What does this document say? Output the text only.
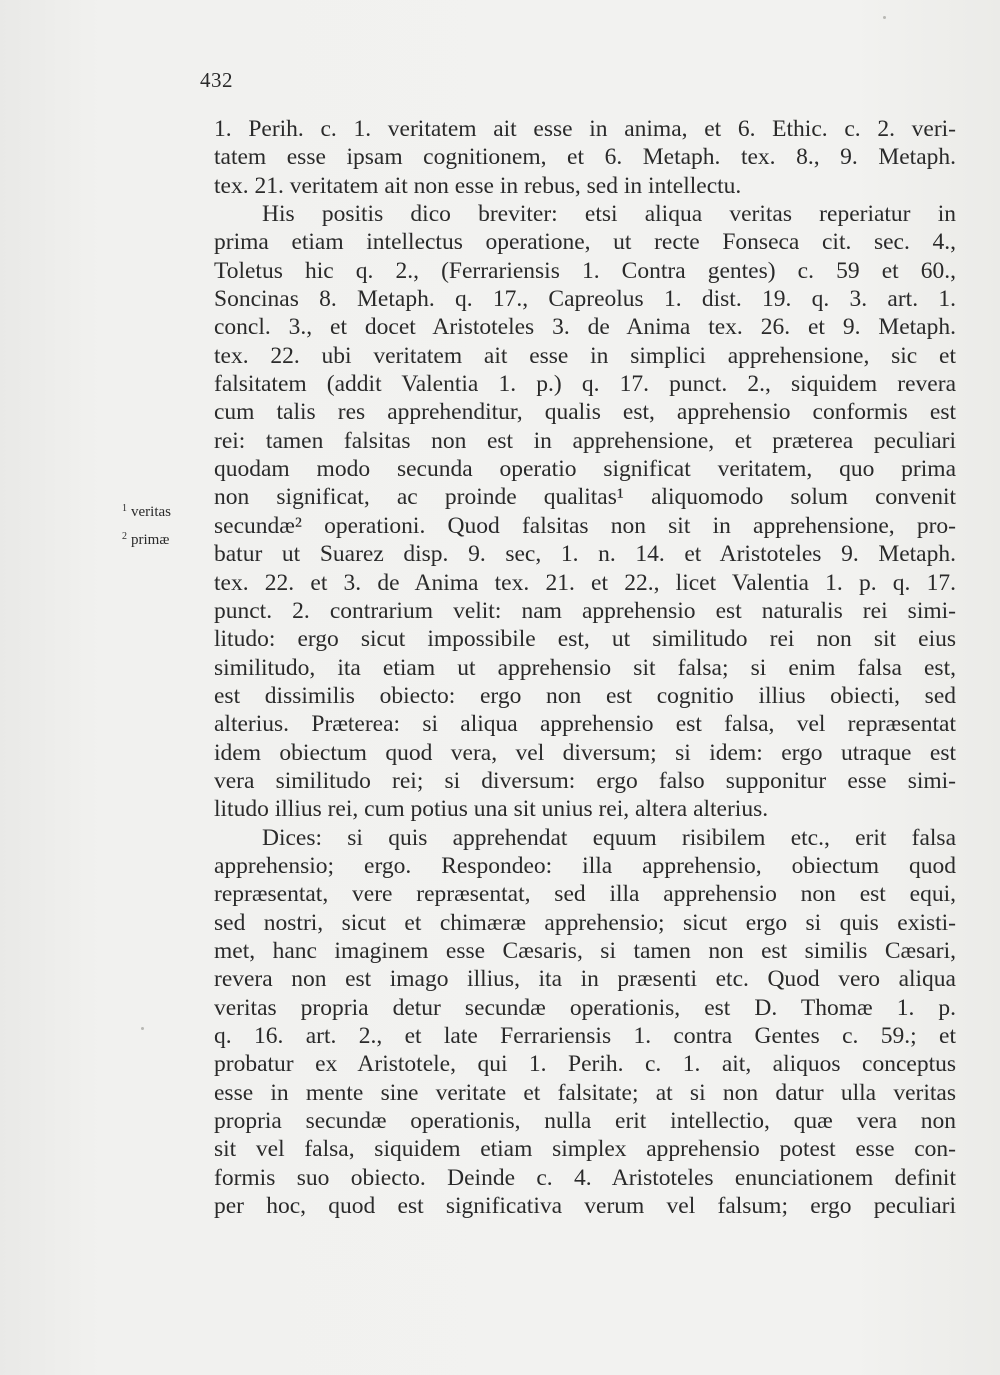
432
$^1$ veritas
$^2$ primæ
1. Perih. c. 1. veritatem ait esse in anima, et 6. Ethic. c. 2. veri-
tatem esse ipsam cognitionem, et 6. Metaph. tex. 8., 9. Metaph.
tex. 21. veritatem ait non esse in rebus, sed in intellectu.
His positis dico breviter: etsi aliqua veritas reperiatur in
prima etiam intellectus operatione, ut recte Fonseca cit. sec. 4.,
Toletus hic q. 2., (Ferrariensis 1. Contra gentes) c. 59 et 60.,
Soncinas 8. Metaph. q. 17., Capreolus 1. dist. 19. q. 3. art. 1.
concl. 3., et docet Aristoteles 3. de Anima tex. 26. et 9. Metaph.
tex. 22. ubi veritatem ait esse in simplici apprehensione, sic et
falsitatem (addit Valentia 1. p.) q. 17. punct. 2., siquidem revera
cum talis res apprehenditur, qualis est, apprehensio conformis est
rei: tamen falsitas non est in apprehensione, et præterea peculiari
quodam modo secunda operatio significat veritatem, quo prima
non significat, ac proinde qualitas¹ aliquomodo solum convenit
secundæ² operationi. Quod falsitas non sit in apprehensione, pro-
batur ut Suarez disp. 9. sec, 1. n. 14. et Aristoteles 9. Metaph.
tex. 22. et 3. de Anima tex. 21. et 22., licet Valentia 1. p. q. 17.
punct. 2. contrarium velit: nam apprehensio est naturalis rei simi-
litudo: ergo sicut impossibile est, ut similitudo rei non sit eius
similitudo, ita etiam ut apprehensio sit falsa; si enim falsa est,
est dissimilis obiecto: ergo non est cognitio illius obiecti, sed
alterius. Præterea: si aliqua apprehensio est falsa, vel repræsentat
idem obiectum quod vera, vel diversum; si idem: ergo utraque est
vera similitudo rei; si diversum: ergo falso supponitur esse simi-
litudo illius rei, cum potius una sit unius rei, altera alterius.
Dices: si quis apprehendat equum risibilem etc., erit falsa
apprehensio; ergo. Respondeo: illa apprehensio, obiectum quod
repræsentat, vere repræsentat, sed illa apprehensio non est equi,
sed nostri, sicut et chimæræ apprehensio; sicut ergo si quis existi-
met, hanc imaginem esse Cæsaris, si tamen non est similis Cæsari,
revera non est imago illius, ita in præsenti etc. Quod vero aliqua
veritas propria detur secundæ operationis, est D. Thomæ 1. p.
q. 16. art. 2., et late Ferrariensis 1. contra Gentes c. 59.; et
probatur ex Aristotele, qui 1. Perih. c. 1. ait, aliquos conceptus
esse in mente sine veritate et falsitate; at si non datur ulla veritas
propria secundæ operationis, nulla erit intellectio, quæ vera non
sit vel falsa, siquidem etiam simplex apprehensio potest esse con-
formis suo obiecto. Deinde c. 4. Aristoteles enunciationem definit
per hoc, quod est significativa verum vel falsum; ergo peculiari
